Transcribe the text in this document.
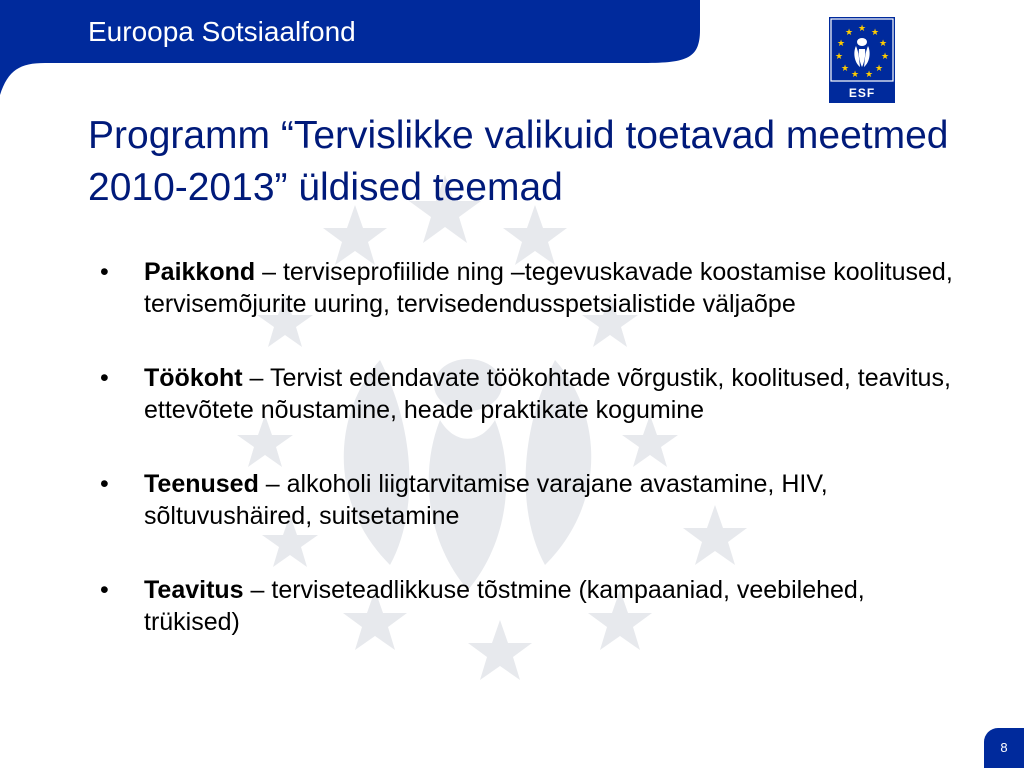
Euroopa Sotsiaalfond	★ ★
★
★
★
★
★
★
★
★
★
ESF
Programm “Tervislikke valikuid toetavad meetmed 2010-2013” üldised teemad
• Paikkond – terviseprofiilide ning –tegevuskavade koostamise koolitused, tervisemõjurite uuring, tervisedendusspetsialistide väljaõpe
• Töökoht – Tervist edendavate töökohtade võrgustik, koolitused, teavitus, ettevõtete nõustamine, heade praktikate kogumine
• Teenused – alkoholi liigtarvitamise varajane avastamine, HIV, sõltuvushäired, suitsetamine
• Teavitus – terviseteadlikkuse tõstmine (kampaaniad, veebilehed, trükised)
8
